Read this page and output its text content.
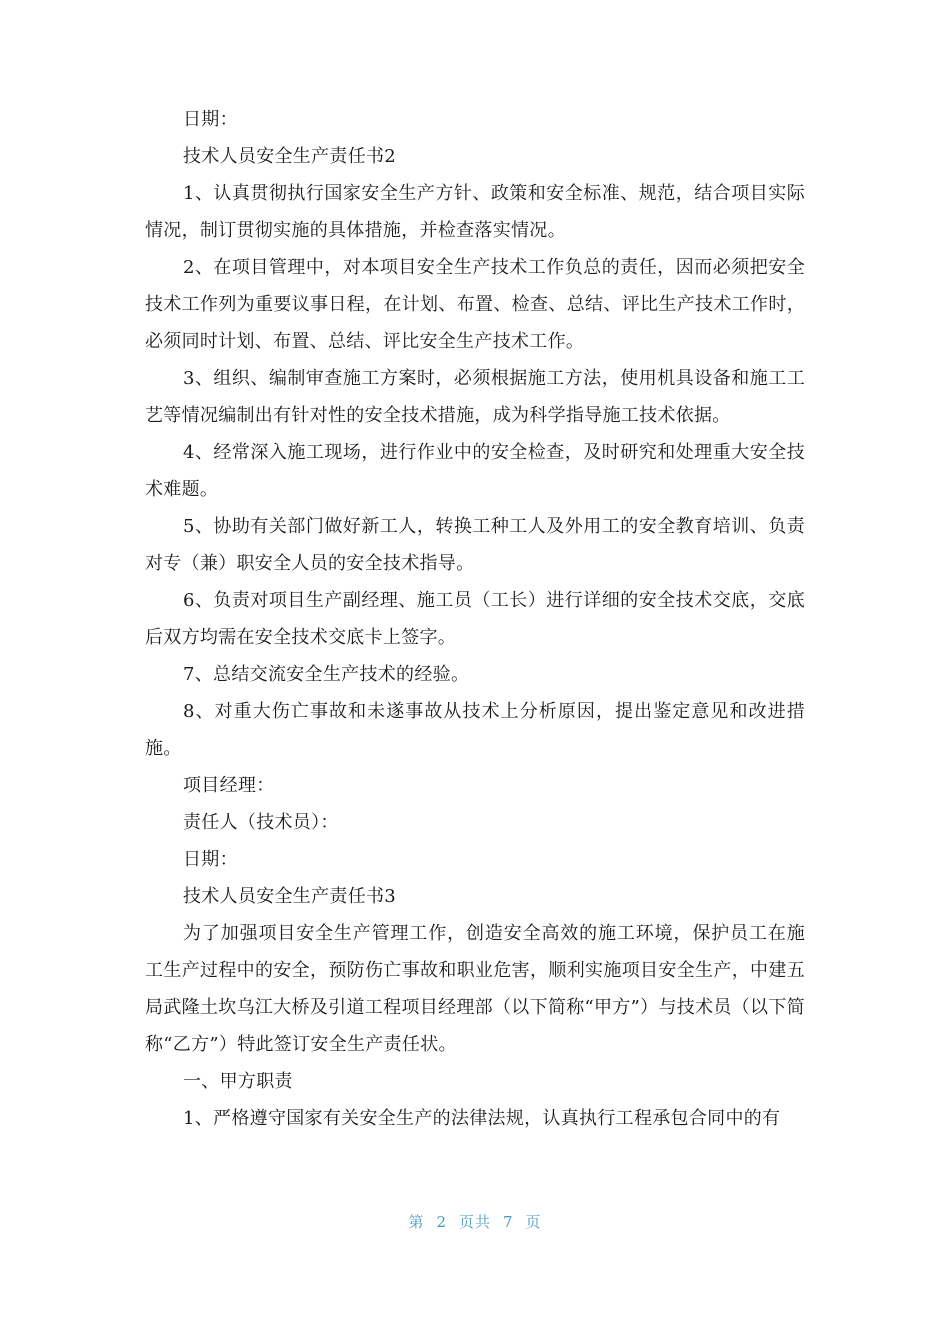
日期：

技术人员安全生产责任书2

1、认真贯彻执行国家安全生产方针、政策和安全标准、规范，结合项目实际情况，制订贯彻实施的具体措施，并检查落实情况。

2、在项目管理中，对本项目安全生产技术工作负总的责任，因而必须把安全技术工作列为重要议事日程，在计划、布置、检查、总结、评比生产技术工作时，必须同时计划、布置、总结、评比安全生产技术工作。

3、组织、编制审查施工方案时，必须根据施工方法，使用机具设备和施工工艺等情况编制出有针对性的安全技术措施，成为科学指导施工技术依据。

4、经常深入施工现场，进行作业中的安全检查，及时研究和处理重大安全技术难题。

5、协助有关部门做好新工人，转换工种工人及外用工的安全教育培训、负责对专（兼）职安全人员的安全技术指导。

6、负责对项目生产副经理、施工员（工长）进行详细的安全技术交底，交底后双方均需在安全技术交底卡上签字。

7、总结交流安全生产技术的经验。

8、对重大伤亡事故和未遂事故从技术上分析原因，提出鉴定意见和改进措施。

项目经理：

责任人（技术员）：

日期：

技术人员安全生产责任书3

为了加强项目安全生产管理工作，创造安全高效的施工环境，保护员工在施工生产过程中的安全，预防伤亡事故和职业危害，顺利实施项目安全生产，中建五局武隆土坎乌江大桥及引道工程项目经理部（以下简称“甲方”）与技术员（以下简称“乙方”）特此签订安全生产责任状。

一、甲方职责

1、严格遵守国家有关安全生产的法律法规，认真执行工程承包合同中的有

第 2 页共 7 页
